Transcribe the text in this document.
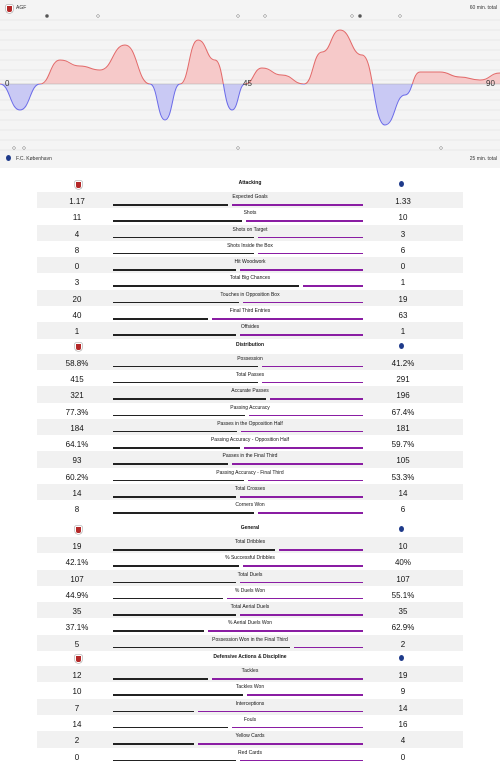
AGF	60 min. total
0	45	90
F.C. København	25 min. total
Attacking
1.17	Expected Goals	1.33
11	Shots	10
4	Shots on Target	3
8	Shots Inside the Box	6
0	Hit Woodwork	0
3	Total Big Chances	1
20	Touches in Opposition Box	19
40	Final Third Entries	63
1	Offsides	1
Distribution
58.8%	Possession	41.2%
415	Total Passes	291
321	Accurate Passes	196
77.3%	Passing Accuracy	67.4%
184	Passes in the Opposition Half	181
64.1%	Passing Accuracy - Opposition Half	59.7%
93	Passes in the Final Third	105
60.2%	Passing Accuracy - Final Third	53.3%
14	Total Crosses	14
8	Corners Won	6
General
19	Total Dribbles	10
42.1%	% Successful Dribbles	40%
107	Total Duels	107
44.9%	% Duels Won	55.1%
35	Total Aerial Duels	35
37.1%	% Aerial Duels Won	62.9%
5	Possession Won in the Final Third	2
Defensive Actions & Discipline
12	Tackles	19
10	Tackles Won	9
7	Interceptions	14
14	Fouls	16
2	Yellow Cards	4
0	Red Cards	0
